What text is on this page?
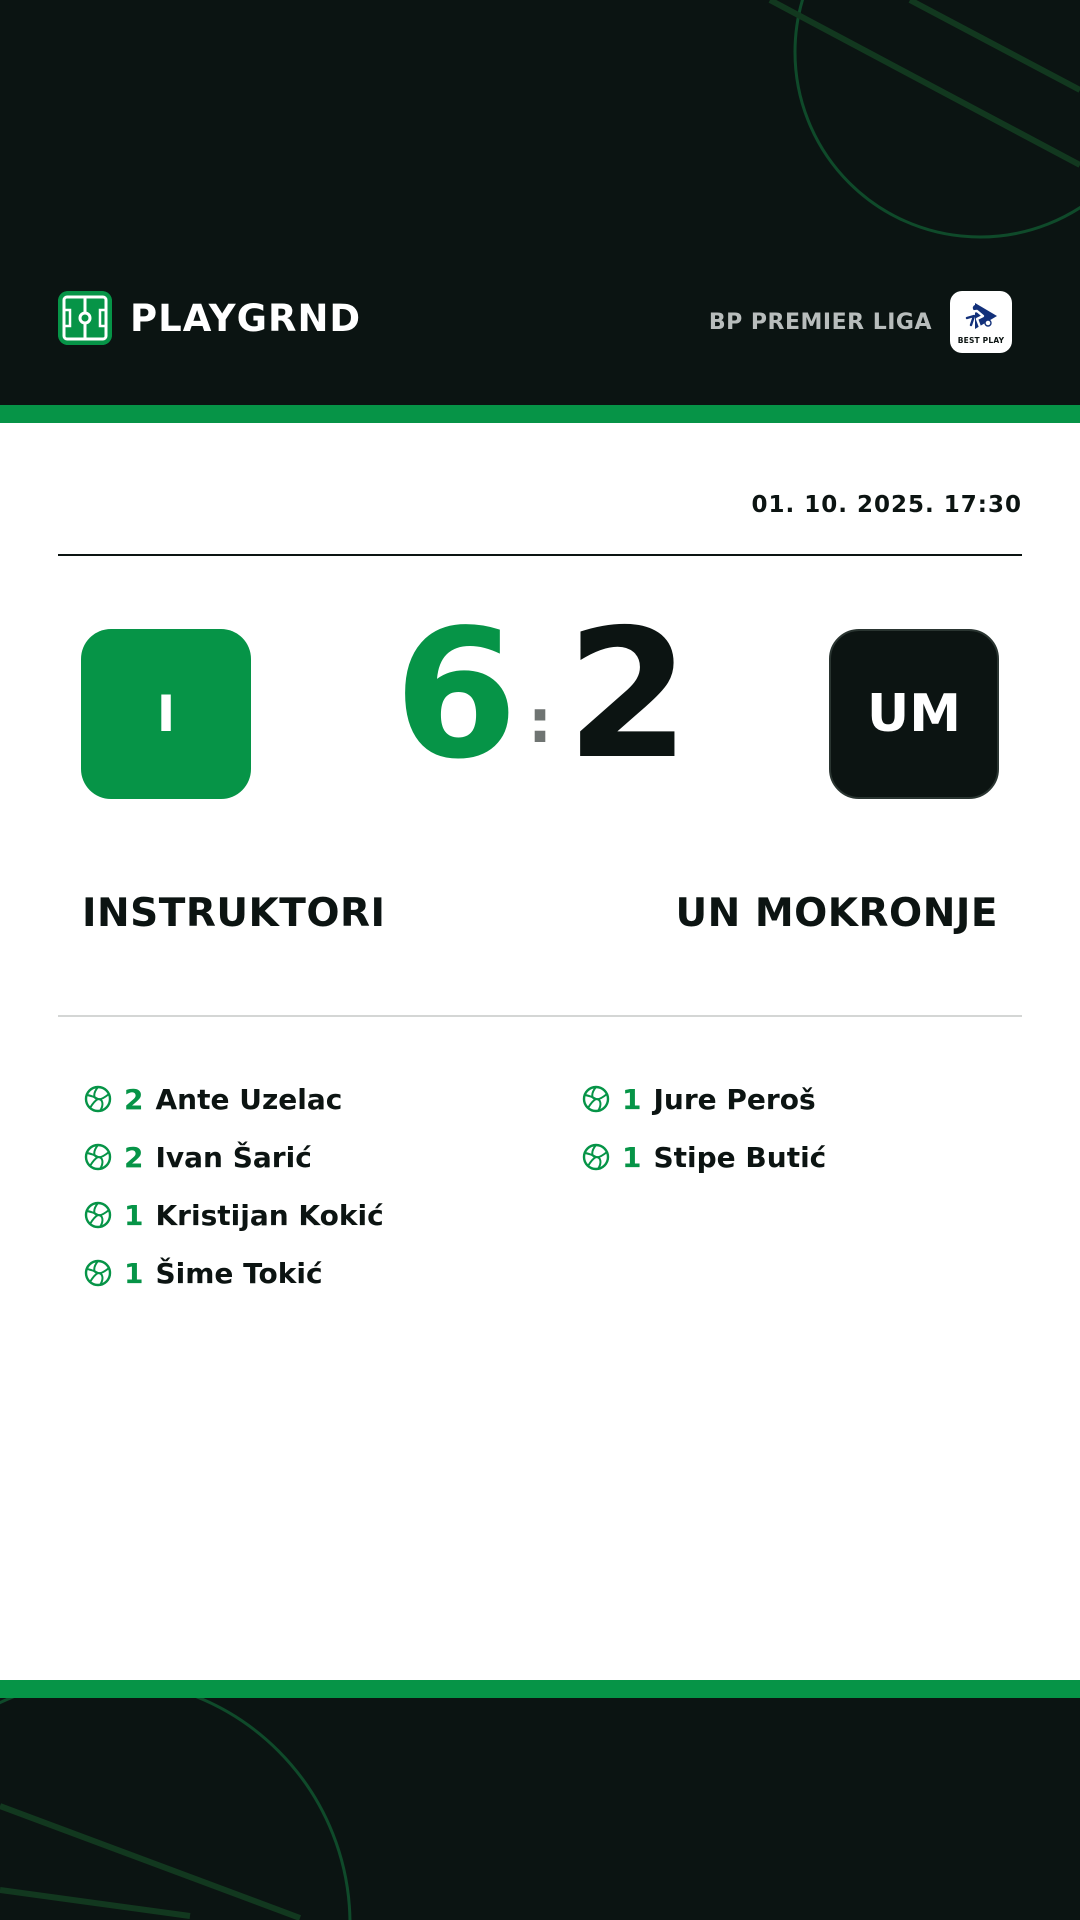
PLAYGRND	BP PREMIER LIGA
BEST PLAY
01. 10. 2025. 17:30
I	6 : 2	UM
INSTRUKTORI	UN MOKRONJE
2 Ante Uzelac
2 Ivan Šarić
1 Kristijan Kokić
1 Šime Tokić
1 Jure Peroš
1 Stipe Butić
